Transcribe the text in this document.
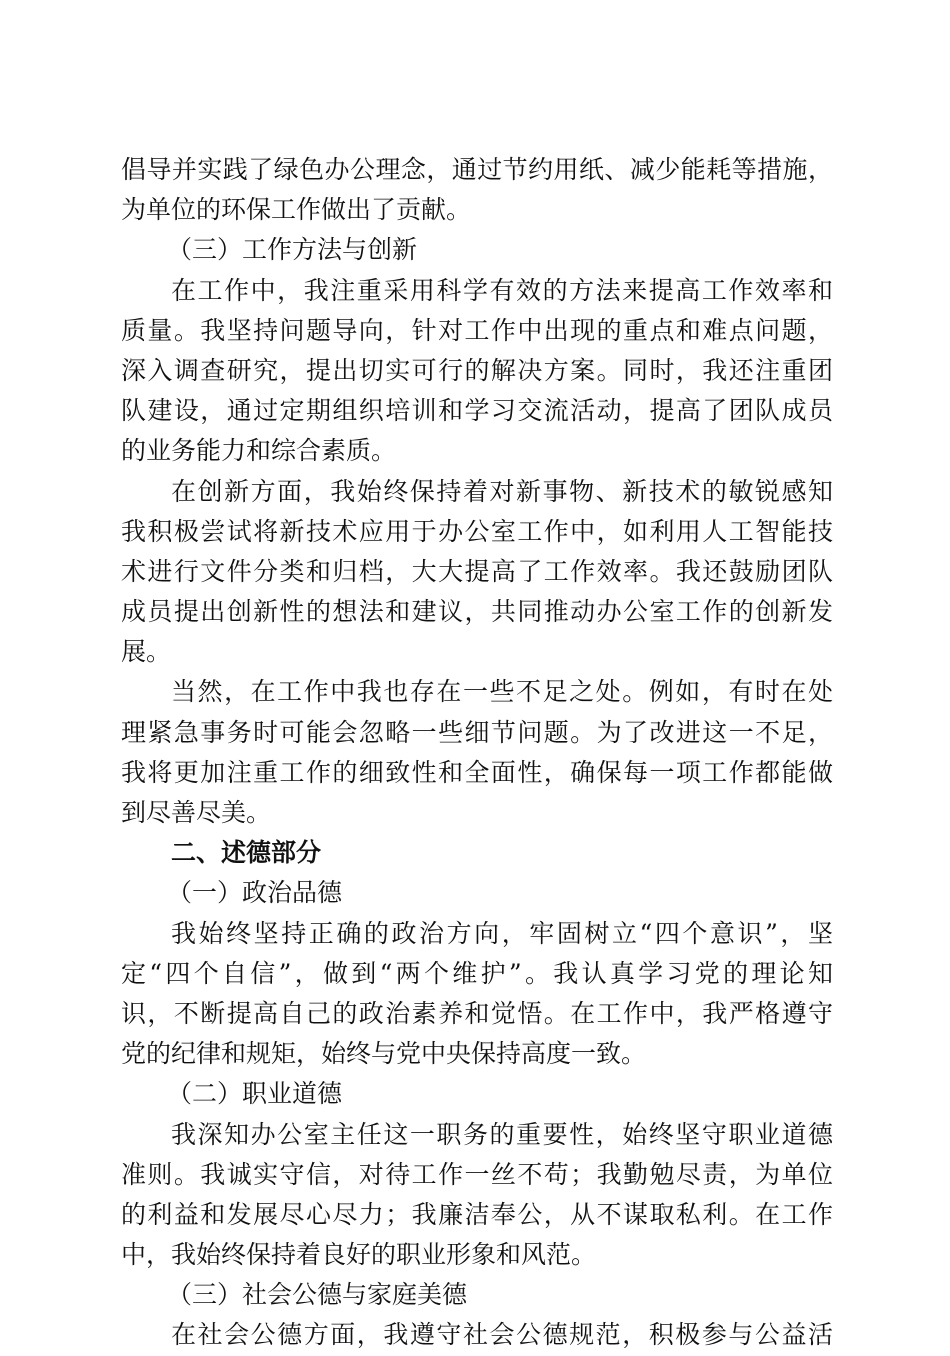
倡导并实践了绿色办公理念，通过节约用纸、减少能耗等措施，
为单位的环保工作做出了贡献。
（三）工作方法与创新
在工作中，我注重采用科学有效的方法来提高工作效率和
质量。我坚持问题导向，针对工作中出现的重点和难点问题，
深入调查研究，提出切实可行的解决方案。同时，我还注重团
队建设，通过定期组织培训和学习交流活动，提高了团队成员
的业务能力和综合素质。
在创新方面，我始终保持着对新事物、新技术的敏锐感知
我积极尝试将新技术应用于办公室工作中，如利用人工智能技
术进行文件分类和归档，大大提高了工作效率。我还鼓励团队
成员提出创新性的想法和建议，共同推动办公室工作的创新发
展。
当然，在工作中我也存在一些不足之处。例如，有时在处
理紧急事务时可能会忽略一些细节问题。为了改进这一不足，
我将更加注重工作的细致性和全面性，确保每一项工作都能做
到尽善尽美。
二、述德部分
（一）政治品德
我始终坚持正确的政治方向，牢固树立“四个意识”，坚
定“四个自信”，做到“两个维护”。我认真学习党的理论知
识，不断提高自己的政治素养和觉悟。在工作中，我严格遵守
党的纪律和规矩，始终与党中央保持高度一致。
（二）职业道德
我深知办公室主任这一职务的重要性，始终坚守职业道德
准则。我诚实守信，对待工作一丝不苟；我勤勉尽责，为单位
的利益和发展尽心尽力；我廉洁奉公，从不谋取私利。在工作
中，我始终保持着良好的职业形象和风范。
（三）社会公德与家庭美德
在社会公德方面，我遵守社会公德规范，积极参与公益活
